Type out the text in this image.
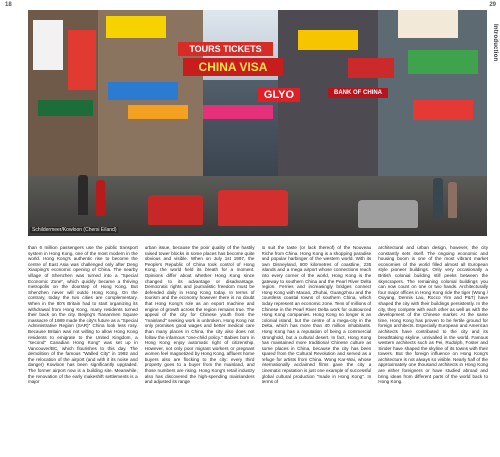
18	29
Introduction
TOURS TICKETS
CHINA VISA
GLYO	BANK OF CHINA
Schildermeer/Kowloon (Chersi Eiland)

than 6 million passengers use the public transport system in Hong Kong, one of the most modern in the world. Hong Kong's authentic rise to become the centre of East Asia was challenged only after Deng Xiaoping's economic opening of China. The nearby village of Shenzhen was turned into a "Special Economic Zone", which quickly became a thriving metropolis on the doorstep of Hong Kong. But Shenzhen never will outdo Hong Kong. On the contrary, today the two cities are complementary. When in the 80's Britain had to start organizing its withdrawal from Hong Kong, many residents turned their back on the city. Beijing's Tiananmen Square massacre of 1989 made the city's future as a "Special Administrative Region (SAR)" China look less rosy. Because Britain was not willing to allow Hong Kong residents to emigrate to the United Kingdom, a "second" Canadian Hong Kong" was set up in Vancouver/BC, which flourishes to this day. The demolition of the famous "Walled City" in 1992 and the relocation of the airport (and with it its noise and danger) Kowloon has been significantly upgraded. The former airport now is a building site. Meanwhile, the renovation of the early makeshift settlements is a major

urban issue, because the poor quality of the hastily raised tower blocks in some places has become quite obvious and visible. When on July 1st 1997, the People's Republic of China took control of Hong Kong, the world held its breath for a moment. Opinions differ about whether Hong Kong since changed to its advantage or disadvantage. Democratic rights and journalistic freedom must be defended daily in Hong Kong today. In terms of tourism and the economy however there is no doubt that Hong Kong's role as an export machine and engine of growth across the region remains true. The appeal of the city for Chinese youth from the "mainland" seeking work is unbroken. Hong Kong not only promises good wages and better medical care than many places in China, the city also does not follow the infamous "one-child policy." Babies born in Hong Kong enjoy automatic right of citizenship. However, not only poor migrant workers or pregnant women feel magnetized by Hong Kong, affluent home buyers also are flocking to the city: every third property goes to a buyer from the mainland, and those numbers are rising. Hong Kong's retail industry also has discovered the high-spending mainlanders and adjusted its range

to suit the taste (or lack thereof) of the Nouveau Riche from China. Hong Kong is a shopping paradise and popular harbinger of the western world. With its own Disneyland, 800 kilometres of coastline, 235 islands and a mega airport whose connections reach into every corner of the world, Hong Kong is the gateway to southern China and the Pearl River Delta region. Ferries and increasingly bridges connect Hong Kong with Macao, Zhuhai, Guangzhou and the countless coastal towns of southern China, which today represent an economic zone. Tens of millions of Chinese in the Pearl River Delta work for outsourced Hong Kong companies. Hong Kong no longer is an colonial island, but the centre of a mega-city in the Delta, which has more than 40 million inhabitants. Hong Kong has a reputation of being a commercial stronghold, but a cultural desert. In fact, Hong Kong has maintained more traditional Chinese culture as some places in China, because the city has been spared from the Cultural Revolution and served as a refuge for artists from China. Wong Kar-Wai, whose internationally acclaimed films gave the city a cinematic reputation is just one example of successful global cultural production "made in Hong Kong". In terms of

architectural and urban design, however, the city constantly sets itself. The ongoing economic and housing boom is one of the most vibrant market economies of the world filled almost all European style pioneer buildings. Only very occasionally a British colonial building still peeks between the skyscrapers. The remaining colonial buildings you can now count on one or two hands. Architecturally four major offices in Hong Kong ride the tiger (Wong / Ouyang, Dennis Lau, Rocco Yim and P&T) have shaped the city with their buildings persistently. In the city, they compete with each other as well as with the development of the Chinese market. At the same time, Hong Kong has proven to be fertile ground for foreign architects. Especially European and American architects have contributed to the city and its breathtaking skyline, unrivalled in the world. Famous western architects such as Pei, Rudolph, Foster and Sinder have shaped the skyline of its towns with their towers. But the foreign influence on Hong Kong's architecture is not always so visible. Nearly half of the approximately one thousand architects in Hong Kong are either foreigners or have studied abroad and bring ideas from different parts of the world back to Hong Kong.
